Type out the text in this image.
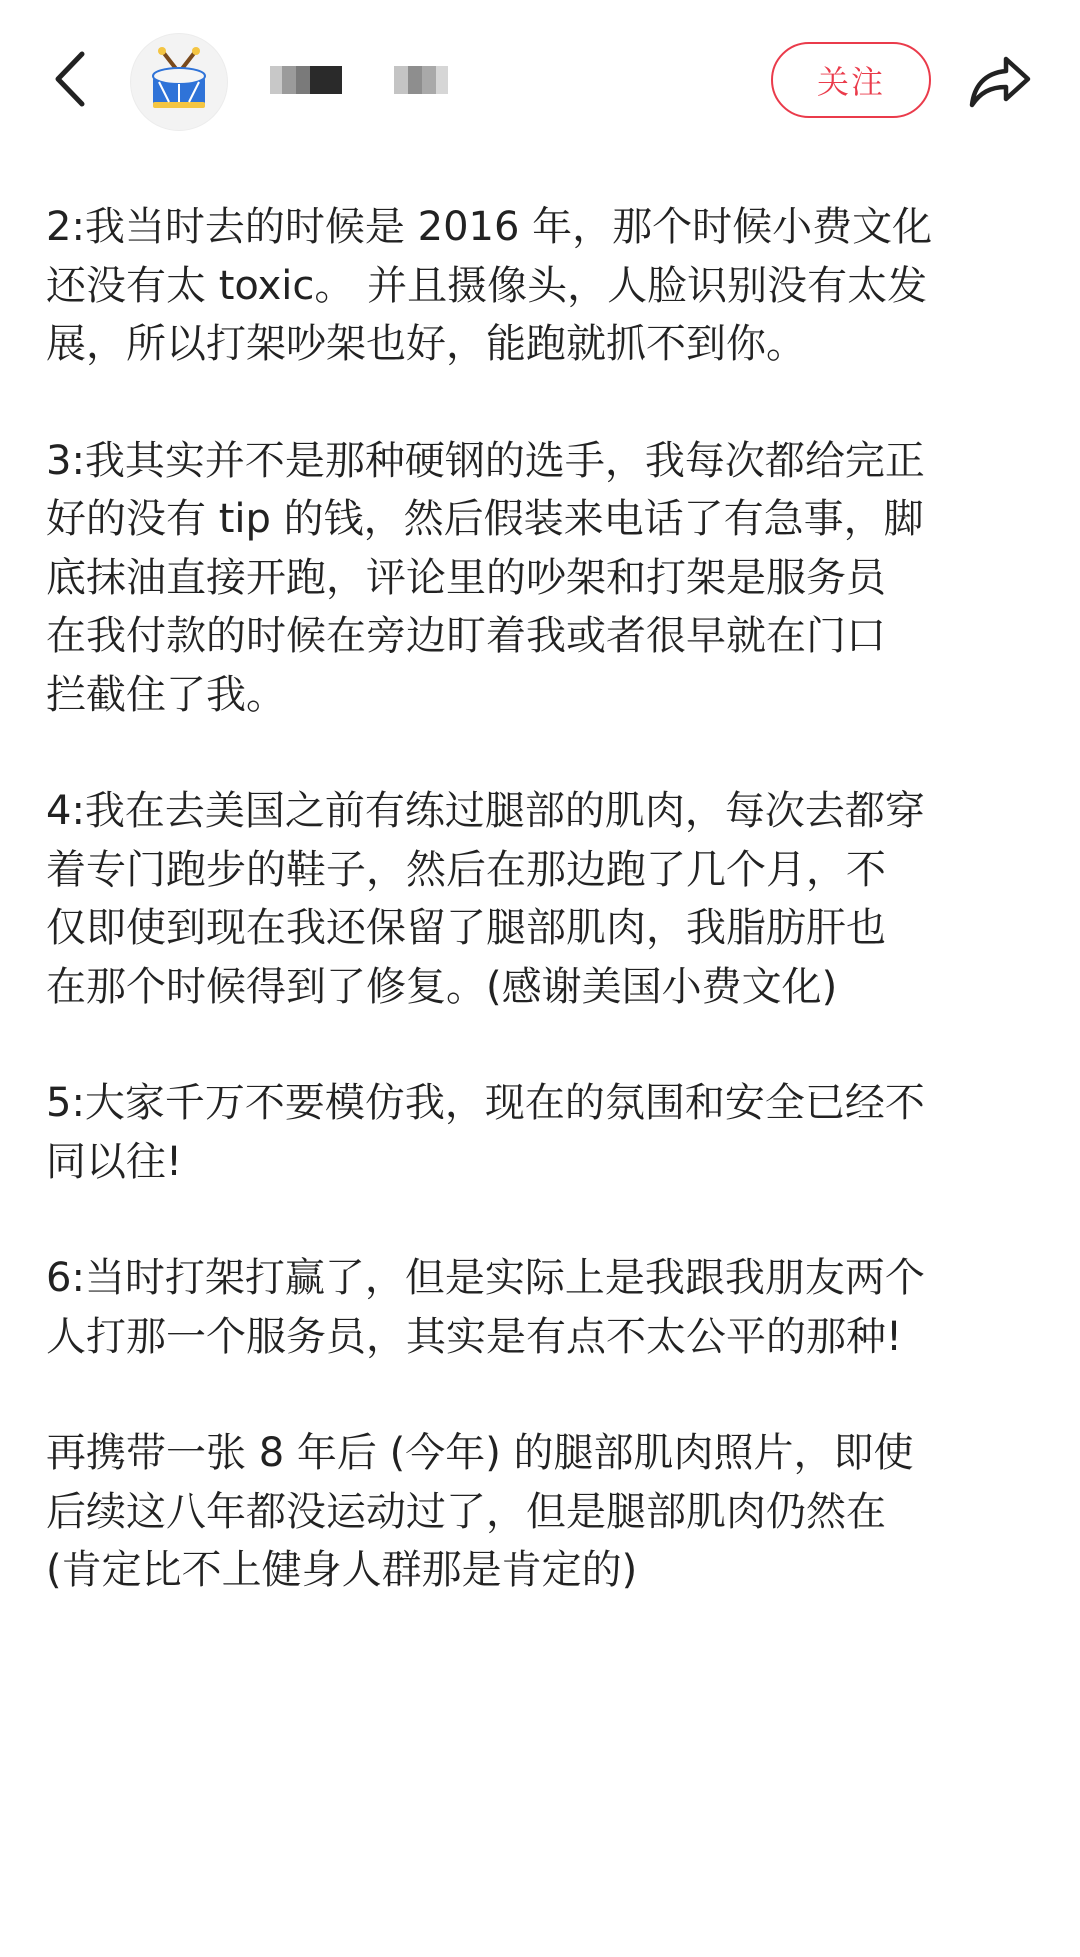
关注
2:我当时去的时候是 2016 年，那个时候小费文化
还没有太 toxic。 并且摄像头，人脸识别没有太发
展，所以打架吵架也好，能跑就抓不到你。
3:我其实并不是那种硬钢的选手，我每次都给完正
好的没有 tip 的钱，然后假装来电话了有急事，脚
底抹油直接开跑，评论里的吵架和打架是服务员
在我付款的时候在旁边盯着我或者很早就在门口
拦截住了我。
4:我在去美国之前有练过腿部的肌肉，每次去都穿
着专门跑步的鞋子，然后在那边跑了几个月，不
仅即使到现在我还保留了腿部肌肉，我脂肪肝也
在那个时候得到了修复。(感谢美国小费文化)
5:大家千万不要模仿我，现在的氛围和安全已经不
同以往!
6:当时打架打赢了，但是实际上是我跟我朋友两个
人打那一个服务员，其实是有点不太公平的那种!
再携带一张 8 年后 (今年) 的腿部肌肉照片，即使
后续这八年都没运动过了，但是腿部肌肉仍然在
(肯定比不上健身人群那是肯定的)
